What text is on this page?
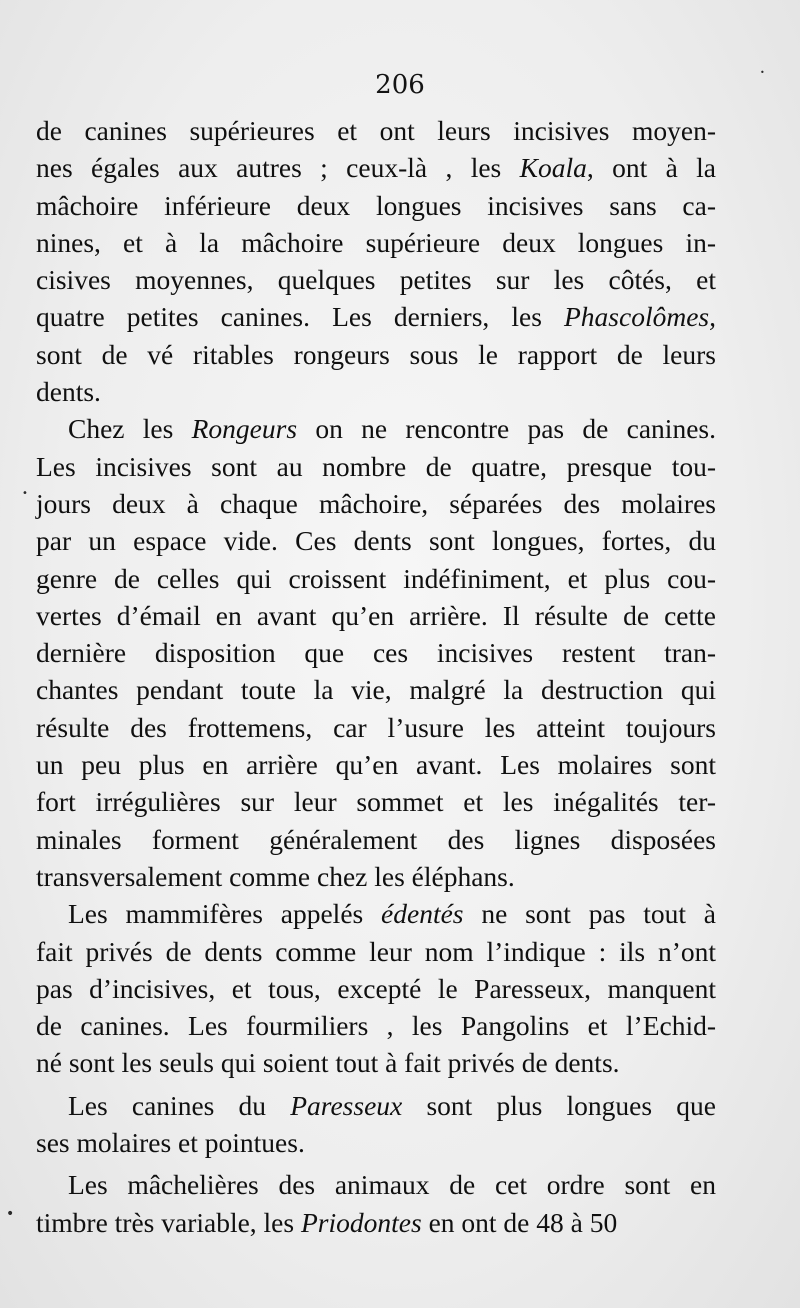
206
de canines supérieures et ont leurs incisives moyen-
nes égales aux autres ; ceux-là , les Koala, ont à la
mâchoire inférieure deux longues incisives sans ca-
nines, et à la mâchoire supérieure deux longues in-
cisives moyennes, quelques petites sur les côtés, et
quatre petites canines. Les derniers, les Phascolômes,
sont de vé ritables rongeurs sous le rapport de leurs
dents.
Chez les Rongeurs on ne rencontre pas de canines.
Les incisives sont au nombre de quatre, presque tou-
jours deux à chaque mâchoire, séparées des molaires
par un espace vide. Ces dents sont longues, fortes, du
genre de celles qui croissent indéfiniment, et plus cou-
vertes d’émail en avant qu’en arrière. Il résulte de cette
dernière disposition que ces incisives restent tran-
chantes pendant toute la vie, malgré la destruction qui
résulte des frottemens, car l’usure les atteint toujours
un peu plus en arrière qu’en avant. Les molaires sont
fort irrégulières sur leur sommet et les inégalités ter-
minales forment généralement des lignes disposées
transversalement comme chez les éléphans.
Les mammifères appelés édentés ne sont pas tout à
fait privés de dents comme leur nom l’indique : ils n’ont
pas d’incisives, et tous, excepté le Paresseux, manquent
de canines. Les fourmiliers , les Pangolins et l’Echid-
né sont les seuls qui soient tout à fait privés de dents.
Les canines du Paresseux sont plus longues que
ses molaires et pointues.
Les mâchelières des animaux de cet ordre sont en
timbre très variable, les Priodontes en ont de 48 à 50
•
•
•
